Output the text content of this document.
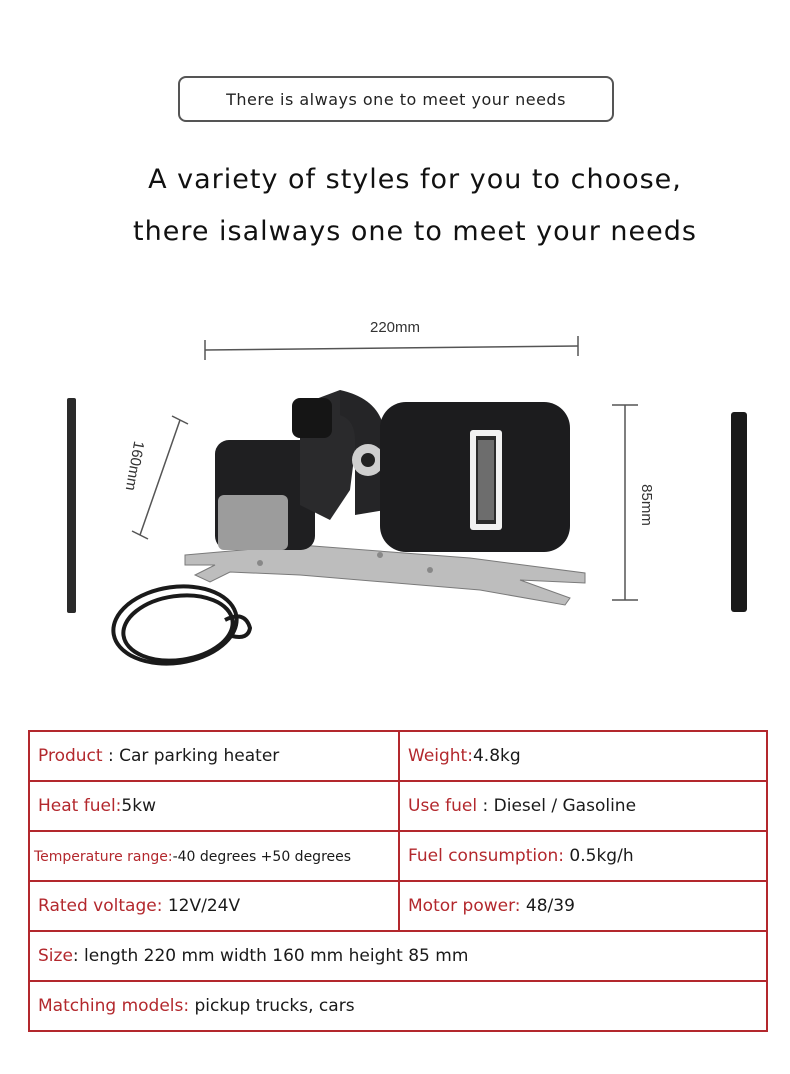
There is always one to meet your needs
A variety of styles for you to choose,
there isalways one to meet your needs
220mm
160mm
85mm
Product : Car parking heater	Weight:4.8kg
Heat fuel:5kw	Use fuel : Diesel / Gasoline
Temperature range:-40 degrees +50 degrees	Fuel consumption: 0.5kg/h
Rated voltage: 12V/24V	Motor power: 48/39
Size: length 220 mm width 160 mm height 85 mm	
Matching models: pickup trucks, cars	
